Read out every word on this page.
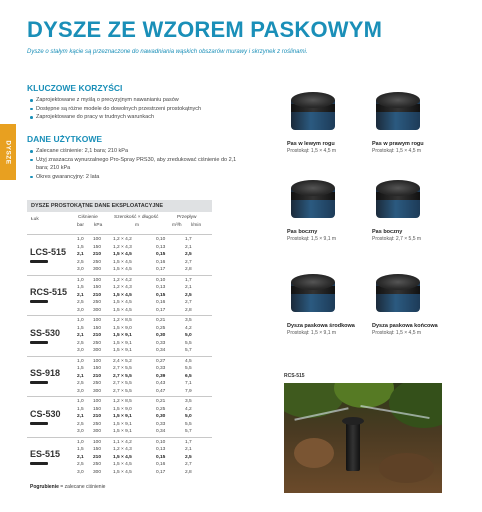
DYSZE ZE WZOREM PASKOWYM
Dysze o stałym kącie są przeznaczone do nawadniania wąskich obszarów murawy i skrzynek z roślinami.
DYSZE
KLUCZOWE KORZYŚCI
Zaprojektowane z myślą o precyzyjnym nawanianiu pasów
Dostępne są różne modele do dowolnych przestrzeni prostokątnych
Zaprojektowane do pracy w trudnych warunkach
DANE UŻYTKOWE
Zalecane ciśnienie: 2,1 bara; 210 kPa
Użyj zraszacza wynurzalnego Pro-Spray PRS30, aby zredukować ciśnienie do 2,1 bara; 210 kPa
Okres gwarancyjny: 2 lata
DYSZE PROSTOKĄTNE DANE EKSPLOATACYJNE
Łuk	Ciśnienie
bar kPa
Szerokość × długość
m
Przepływ
m³/h l/min
LCS-515
1,0 100 1,2 × 4,2	0,10	1,7
1,5 150 1,2 × 4,3	0,13	2,1
2,1 210 1,5 × 4,5	0,15	2,5
2,5 250 1,5 × 4,5	0,16	2,7
3,0 300 1,5 × 4,5	0,17	2,8
RCS-515
1,0 100 1,2 × 4,2	0,10	1,7
1,5 150 1,2 × 4,3	0,13	2,1
2,1 210 1,5 × 4,5	0,15	2,5
2,5 250 1,5 × 4,5	0,16	2,7
3,0 300 1,5 × 4,5	0,17	2,8
SS-530
1,0 100 1,2 × 8,5	0,21	3,5
1,5 150 1,5 × 9,0	0,25	4,2
2,1 210 1,5 × 9,1	0,30	5,0
2,5 250 1,5 × 9,1	0,33	5,5
3,0 300 1,5 × 9,1	0,34	5,7
SS-918
1,0 100 2,4 × 5,2	0,27	4,5
1,5 150 2,7 × 5,5	0,33	5,5
2,1 210 2,7 × 5,5	0,39	6,5
2,5 250 2,7 × 5,5	0,43	7,1
3,0 300 2,7 × 5,5	0,47	7,9
CS-530
1,0 100 1,2 × 8,5	0,21	3,5
1,5 150 1,5 × 9,0	0,25	4,2
2,1 210 1,5 × 9,1	0,30	5,0
2,5 250 1,5 × 9,1	0,33	5,5
3,0 300 1,5 × 9,1	0,34	5,7
ES-515
1,0 100 1,1 × 4,2	0,10	1,7
1,5 150 1,2 × 4,3	0,13	2,1
2,1 210 1,5 × 4,5	0,15	2,5
2,5 250 1,5 × 4,5	0,16	2,7
3,0 300 1,5 × 4,5	0,17	2,8
Pogrubienie = zalecane ciśnienie
Pas w lewym rogu
Prostokąt: 1,5 × 4,5 m
Pas w prawym rogu
Prostokąt: 1,5 × 4,5 m
Pas boczny
Prostokąt: 1,5 × 9,1 m
Pas boczny
Prostokąt: 2,7 × 5,5 m
Dysza paskowa środkowa
Prostokąt: 1,5 × 9,1 m
Dysza paskowa końcowa
Prostokąt: 1,5 × 4,5 m
RCS-515
